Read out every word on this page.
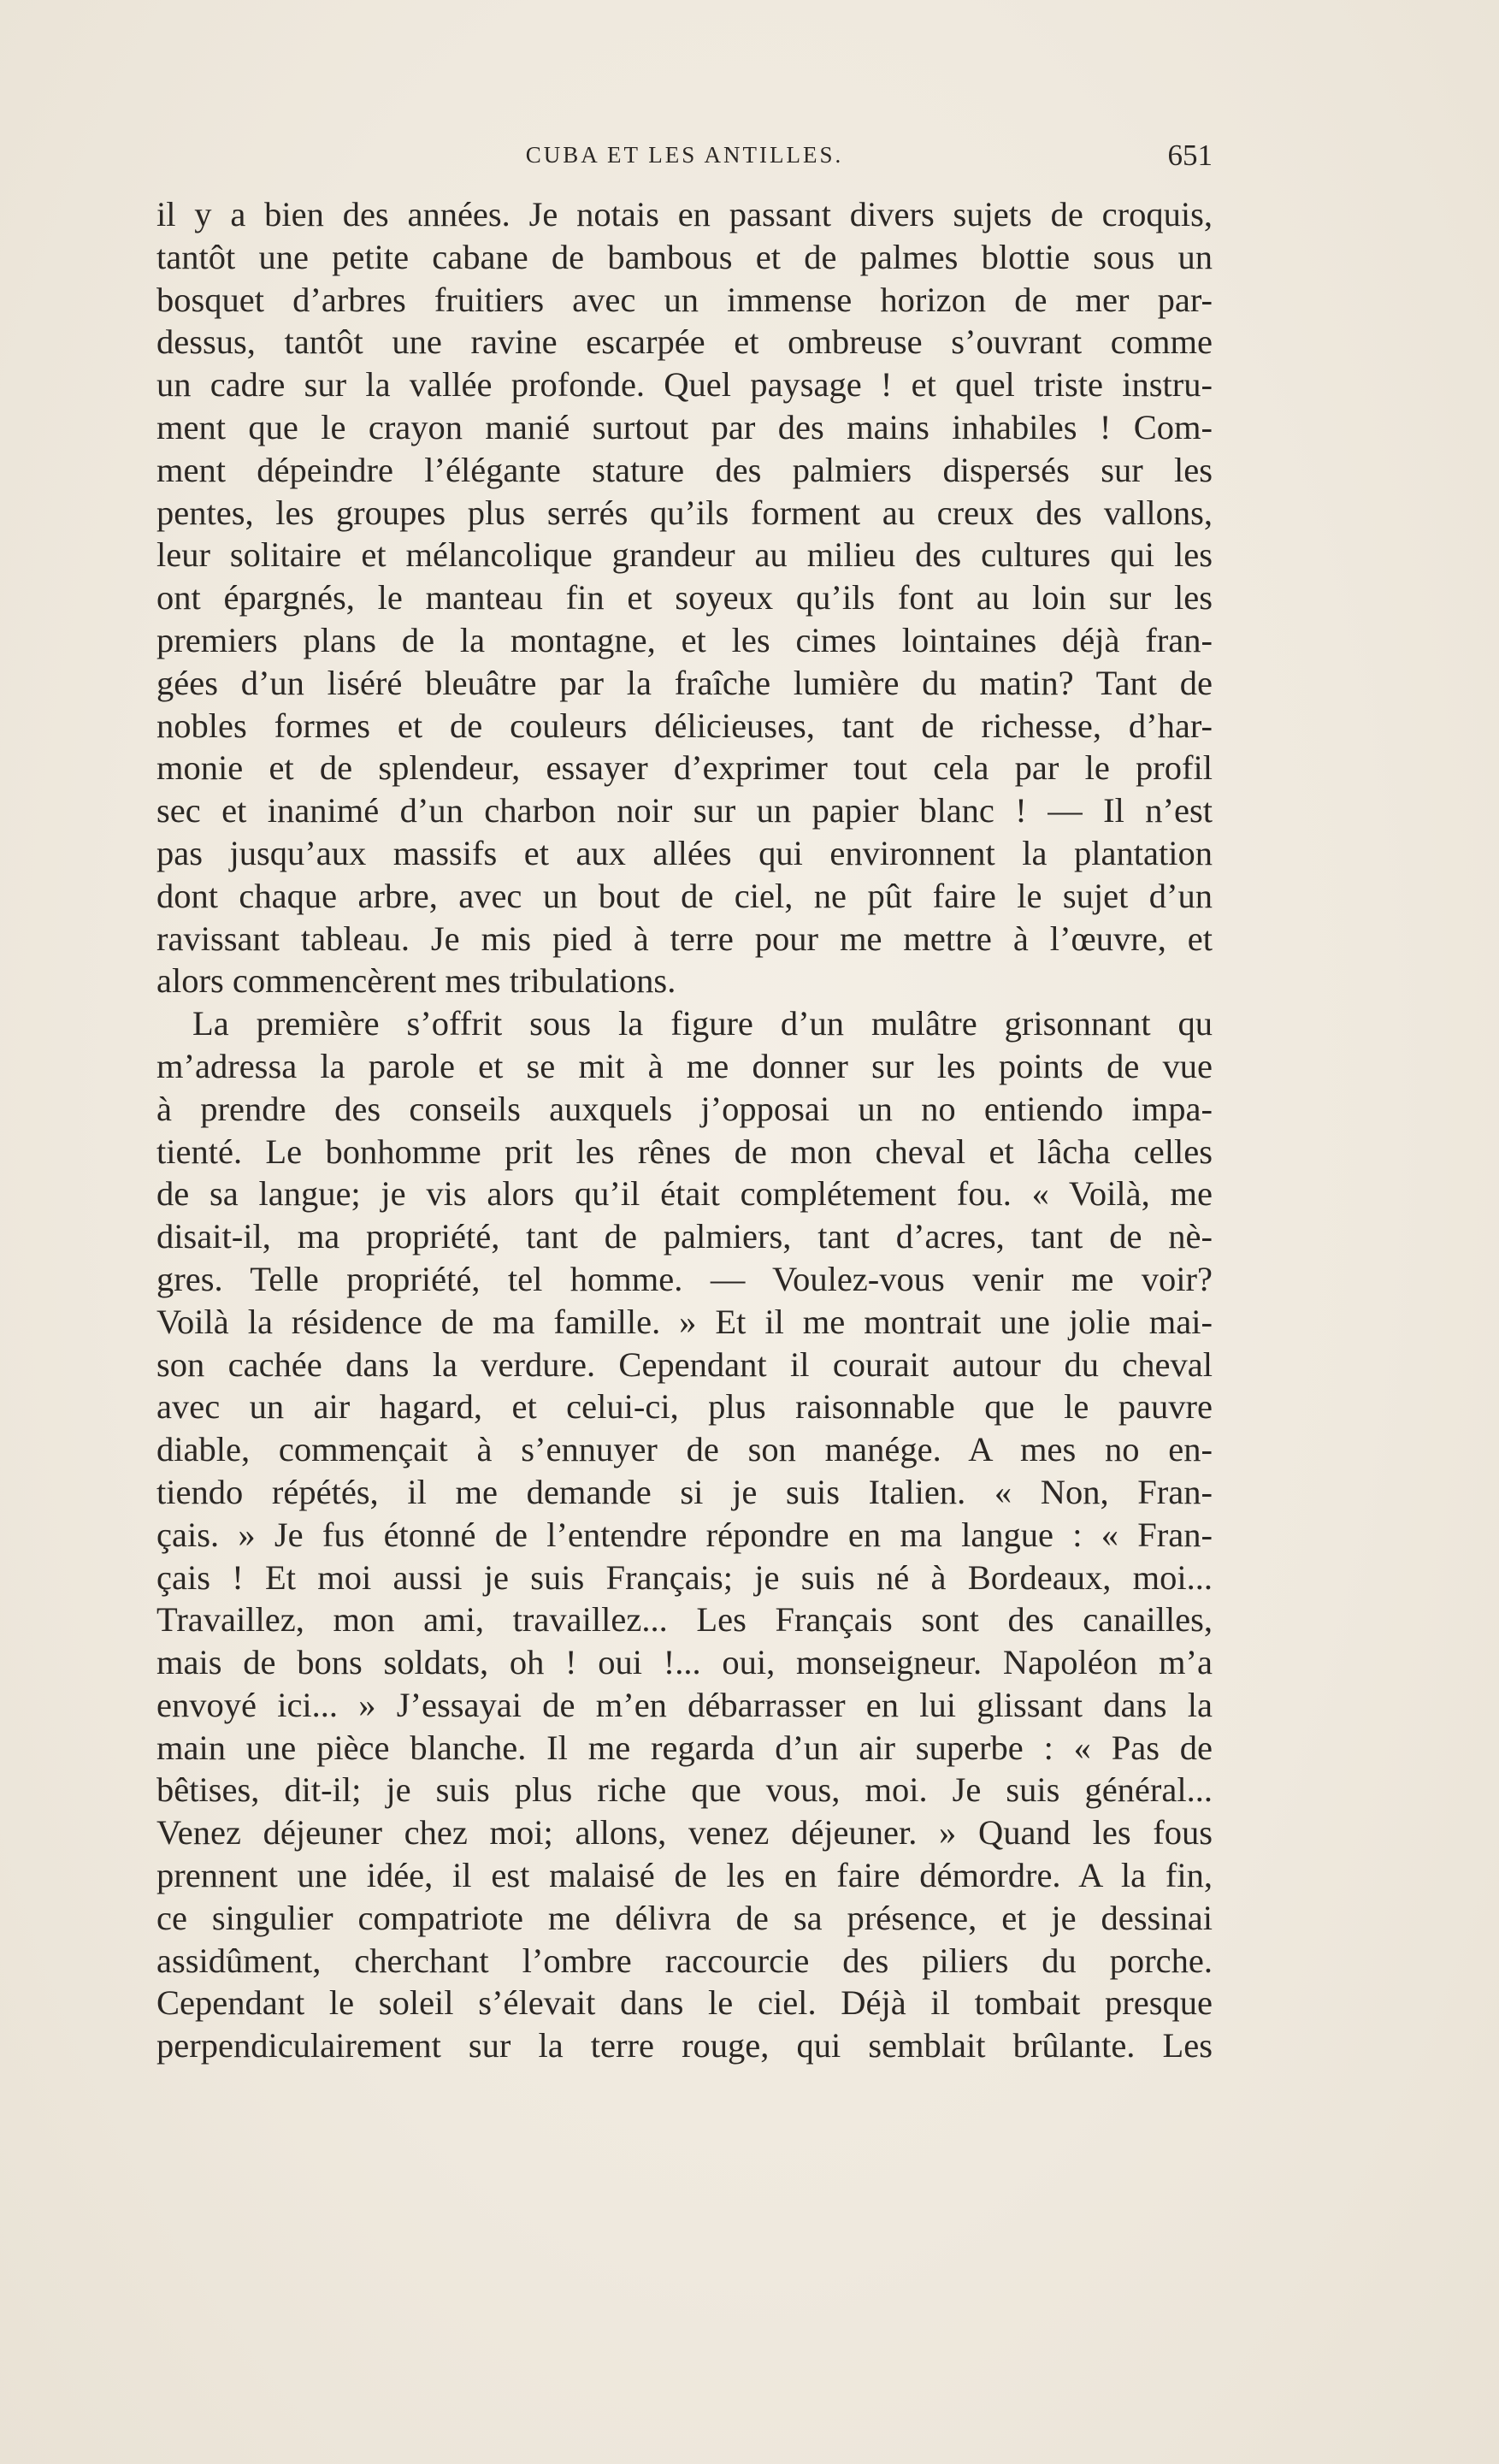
CUBA ET LES ANTILLES.	651
il y a bien des années. Je notais en passant divers sujets de croquis,
tantôt une petite cabane de bambous et de palmes blottie sous un
bosquet d’arbres fruitiers avec un immense horizon de mer par-
dessus, tantôt une ravine escarpée et ombreuse s’ouvrant comme
un cadre sur la vallée profonde. Quel paysage ! et quel triste instru-
ment que le crayon manié surtout par des mains inhabiles ! Com-
ment dépeindre l’élégante stature des palmiers dispersés sur les
pentes, les groupes plus serrés qu’ils forment au creux des vallons,
leur solitaire et mélancolique grandeur au milieu des cultures qui les
ont épargnés, le manteau fin et soyeux qu’ils font au loin sur les
premiers plans de la montagne, et les cimes lointaines déjà fran-
gées d’un liséré bleuâtre par la fraîche lumière du matin? Tant de
nobles formes et de couleurs délicieuses, tant de richesse, d’har-
monie et de splendeur, essayer d’exprimer tout cela par le profil
sec et inanimé d’un charbon noir sur un papier blanc ! — Il n’est
pas jusqu’aux massifs et aux allées qui environnent la plantation
dont chaque arbre, avec un bout de ciel, ne pût faire le sujet d’un
ravissant tableau. Je mis pied à terre pour me mettre à l’œuvre, et
alors commencèrent mes tribulations.
La première s’offrit sous la figure d’un mulâtre grisonnant qu
m’adressa la parole et se mit à me donner sur les points de vue
à prendre des conseils auxquels j’opposai un no entiendo impa-
tienté. Le bonhomme prit les rênes de mon cheval et lâcha celles
de sa langue; je vis alors qu’il était complétement fou. « Voilà, me
disait-il, ma propriété, tant de palmiers, tant d’acres, tant de nè-
gres. Telle propriété, tel homme. — Voulez-vous venir me voir?
Voilà la résidence de ma famille. » Et il me montrait une jolie mai-
son cachée dans la verdure. Cependant il courait autour du cheval
avec un air hagard, et celui-ci, plus raisonnable que le pauvre
diable, commençait à s’ennuyer de son manége. A mes no en-
tiendo répétés, il me demande si je suis Italien. « Non, Fran-
çais. » Je fus étonné de l’entendre répondre en ma langue : « Fran-
çais ! Et moi aussi je suis Français; je suis né à Bordeaux, moi...
Travaillez, mon ami, travaillez... Les Français sont des canailles,
mais de bons soldats, oh ! oui !... oui, monseigneur. Napoléon m’a
envoyé ici... » J’essayai de m’en débarrasser en lui glissant dans la
main une pièce blanche. Il me regarda d’un air superbe : « Pas de
bêtises, dit-il; je suis plus riche que vous, moi. Je suis général...
Venez déjeuner chez moi; allons, venez déjeuner. » Quand les fous
prennent une idée, il est malaisé de les en faire démordre. A la fin,
ce singulier compatriote me délivra de sa présence, et je dessinai
assidûment, cherchant l’ombre raccourcie des piliers du porche.
Cependant le soleil s’élevait dans le ciel. Déjà il tombait presque
perpendiculairement sur la terre rouge, qui semblait brûlante. Les
